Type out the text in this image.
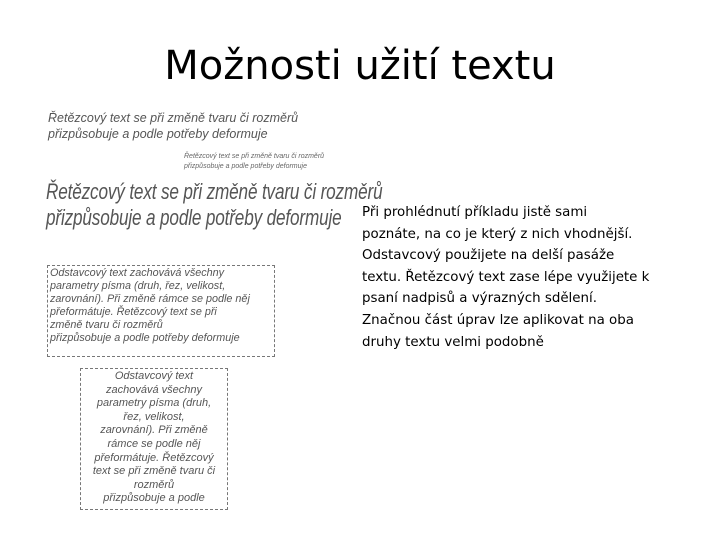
Možnosti užití textu
Řetězcový text se při změně tvaru či rozměrů
přizpůsobuje a podle potřeby deformuje
Řetězcový text se při změně tvaru či rozměrů
přizpůsobuje a podle potřeby deformuje
Řetězcový text se při změně tvaru či rozměrů
přizpůsobuje a podle potřeby deformuje
Odstavcový text zachovává všechny
parametry písma (druh, řez, velikost,
zarovnání). Při změně rámce se podle něj
přeformátuje. Řetězcový text se při
změně tvaru či rozměrů
přizpůsobuje a podle potřeby deformuje
Odstavcový text
zachovává všechny
parametry písma (druh,
řez, velikost,
zarovnání). Při změně
rámce se podle něj
přeformátuje. Řetězcový
text se při změně tvaru či
rozměrů
přizpůsobuje a podle
Při prohlédnutí příkladu jistě sami
poznáte, na co je který z nich vhodnější.
Odstavcový použijete na delší pasáže
textu. Řetězcový text zase lépe využijete k
psaní nadpisů a výrazných sdělení.
Značnou část úprav lze aplikovat na oba
druhy textu velmi podobně
